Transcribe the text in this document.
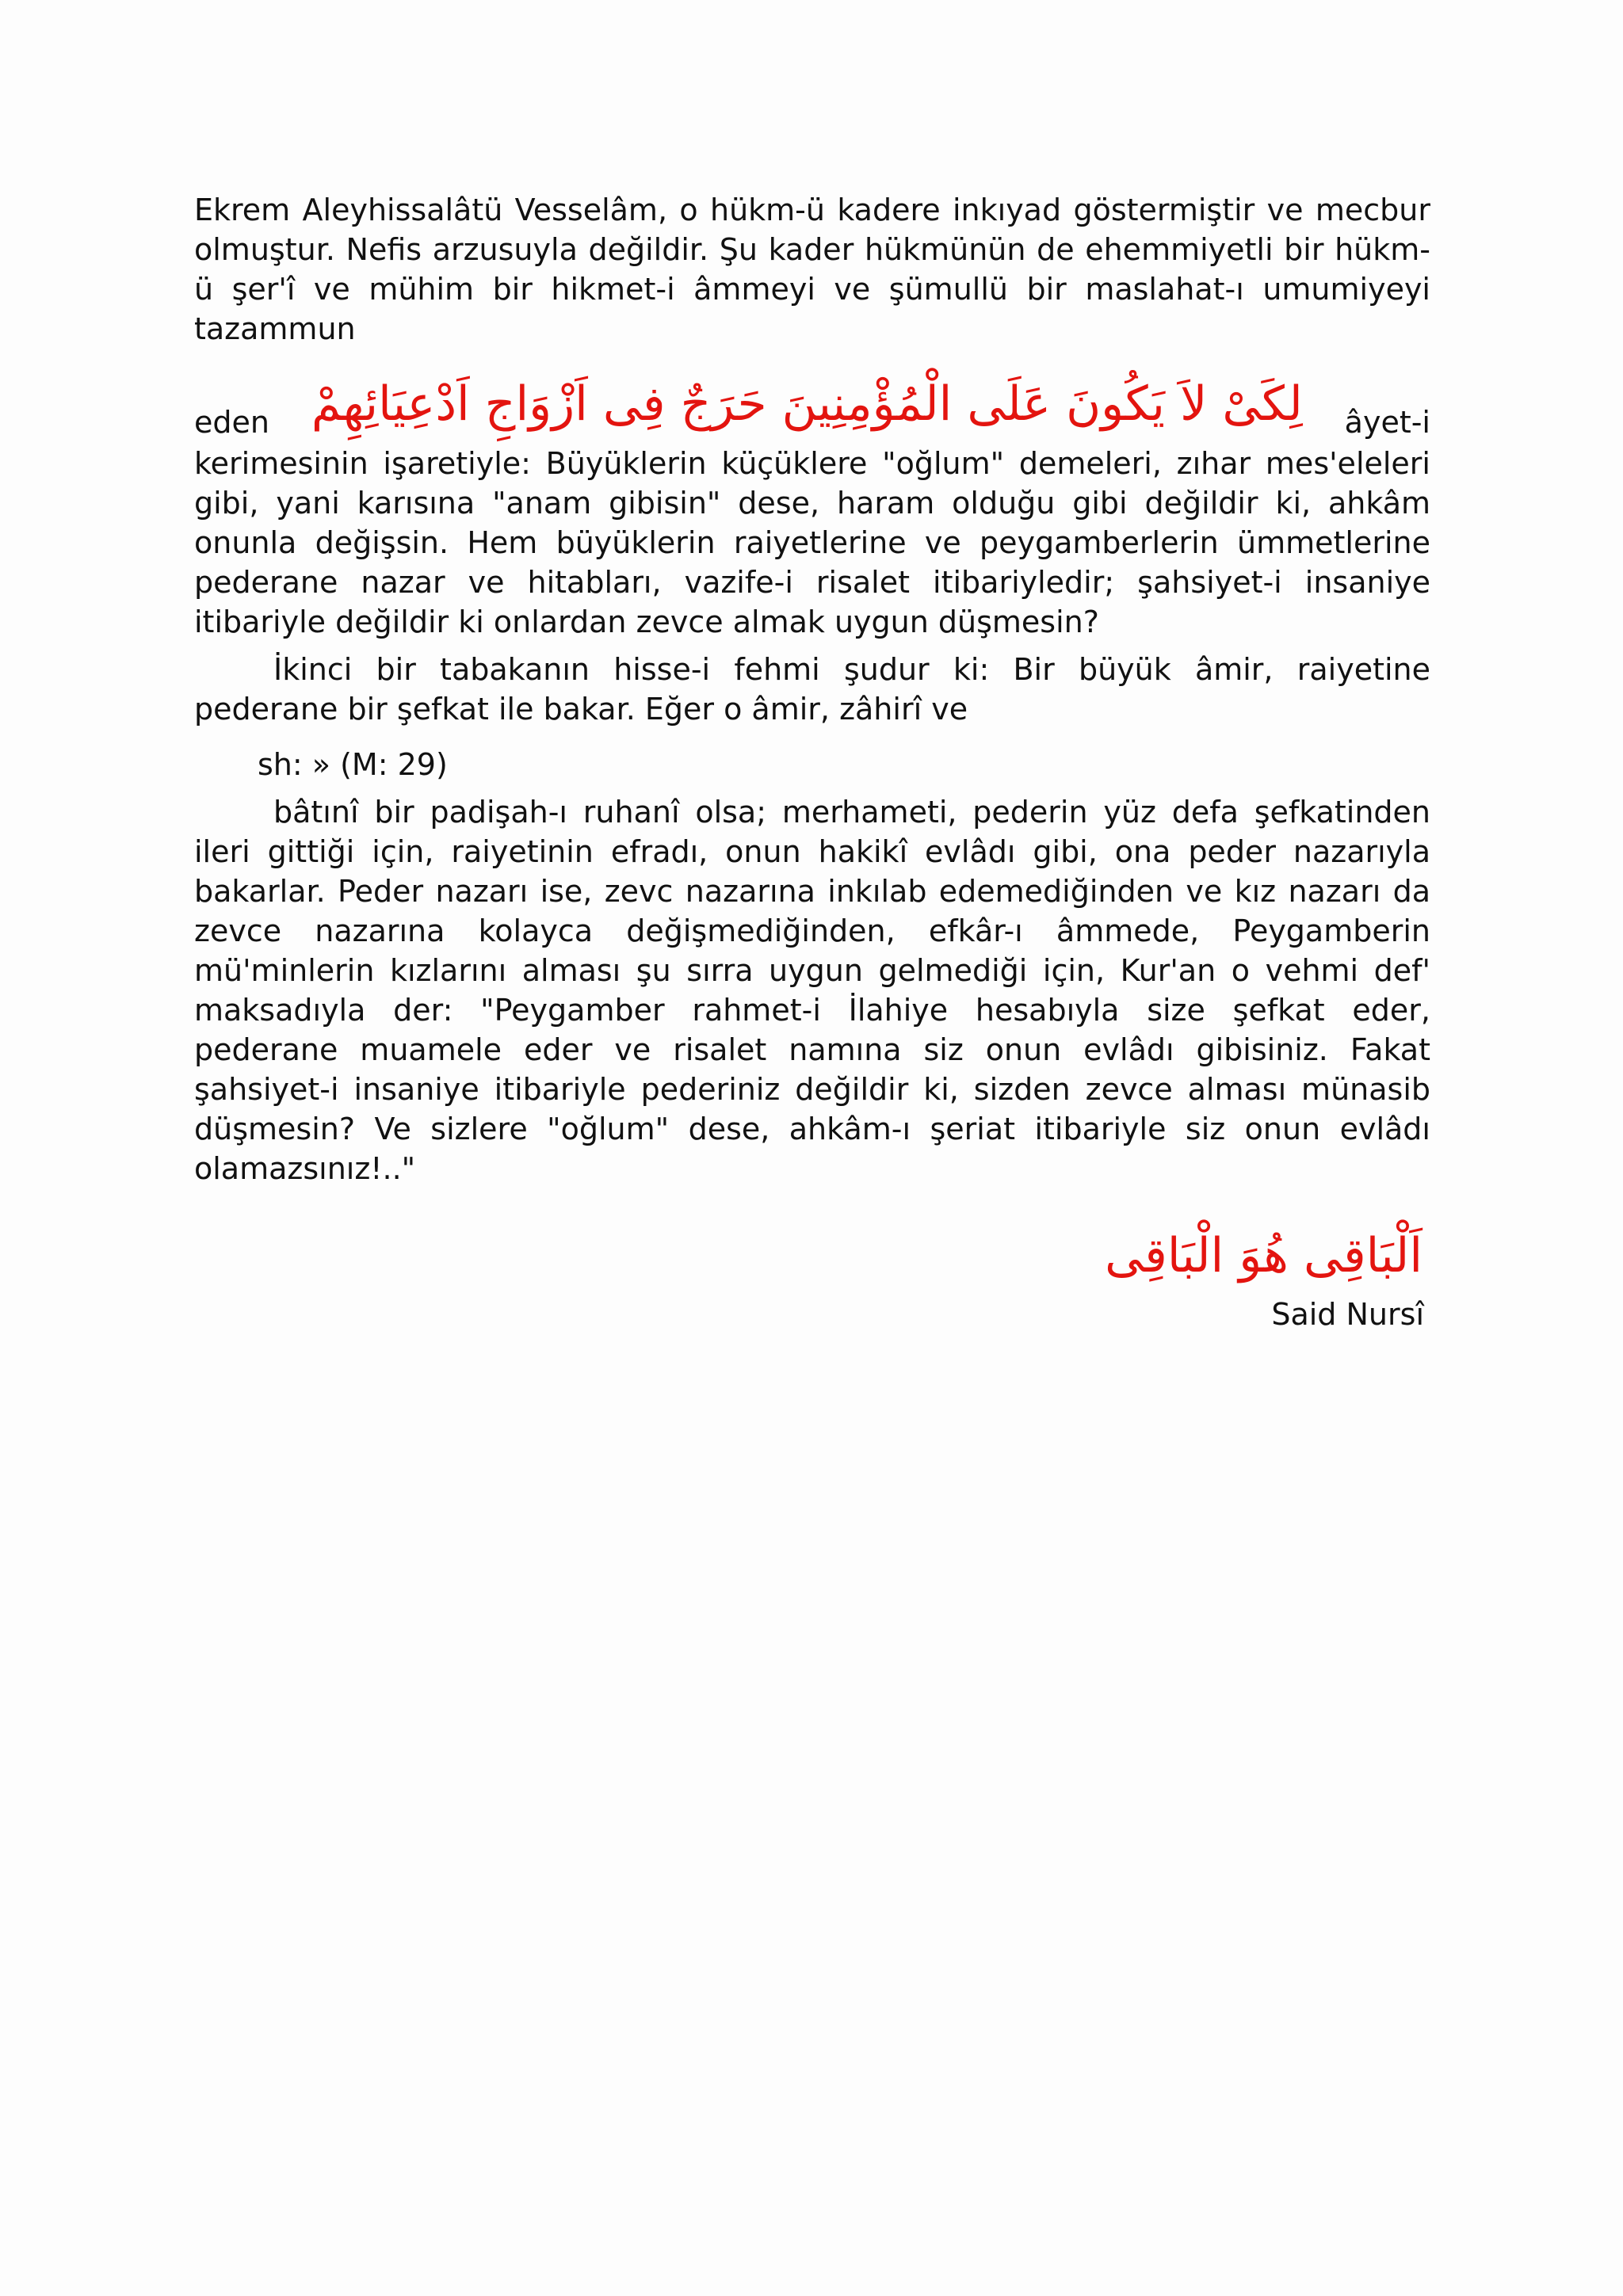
Ekrem Aleyhissalâtü Vesselâm, o hükm-ü kadere inkıyad göstermiştir ve mecbur olmuştur. Nefis arzusuyla değildir. Şu kader hükmünün de ehemmiyetli bir hükm-ü şer'î ve mühim bir hikmet-i âmmeyi ve şümullü bir maslahat-ı umumiyeyi tazammun

eden لِكَىْ لاَ يَكُونَ عَلَى الْمُؤْمِنِينَ حَرَجٌ فِى اَزْوَاجِ اَدْعِيَائِهِمْ	âyet-i

kerimesinin işaretiyle: Büyüklerin küçüklere "oğlum" demeleri, zıhar mes'eleleri gibi, yani karısına "anam gibisin" dese, haram olduğu gibi değildir ki, ahkâm onunla değişsin. Hem büyüklerin raiyetlerine ve peygamberlerin ümmetlerine pederane nazar ve hitabları, vazife-i risalet itibariyledir; şahsiyet-i insaniye itibariyle değildir ki onlardan zevce almak uygun düşmesin?

İkinci bir tabakanın hisse-i fehmi şudur ki: Bir büyük âmir, raiyetine pederane bir şefkat ile bakar. Eğer o âmir, zâhirî ve

sh: » (M: 29)

bâtınî bir padişah-ı ruhanî olsa; merhameti, pederin yüz defa şefkatinden ileri gittiği için, raiyetinin efradı, onun hakikî evlâdı gibi, ona peder nazarıyla bakarlar. Peder nazarı ise, zevc nazarına inkılab edemediğinden ve kız nazarı da zevce nazarına kolayca değişmediğinden, efkâr-ı âmmede, Peygamberin mü'minlerin kızlarını alması şu sırra uygun gelmediği için, Kur'an o vehmi def' maksadıyla der: "Peygamber rahmet-i İlahiye hesabıyla size şefkat eder, pederane muamele eder ve risalet namına siz onun evlâdı gibisiniz. Fakat şahsiyet-i insaniye itibariyle pederiniz değildir ki, sizden zevce alması münasib düşmesin? Ve sizlere "oğlum" dese, ahkâm-ı şeriat itibariyle siz onun evlâdı olamazsınız!.."

اَلْبَاقِى هُوَ الْبَاقِى
Said Nursî
